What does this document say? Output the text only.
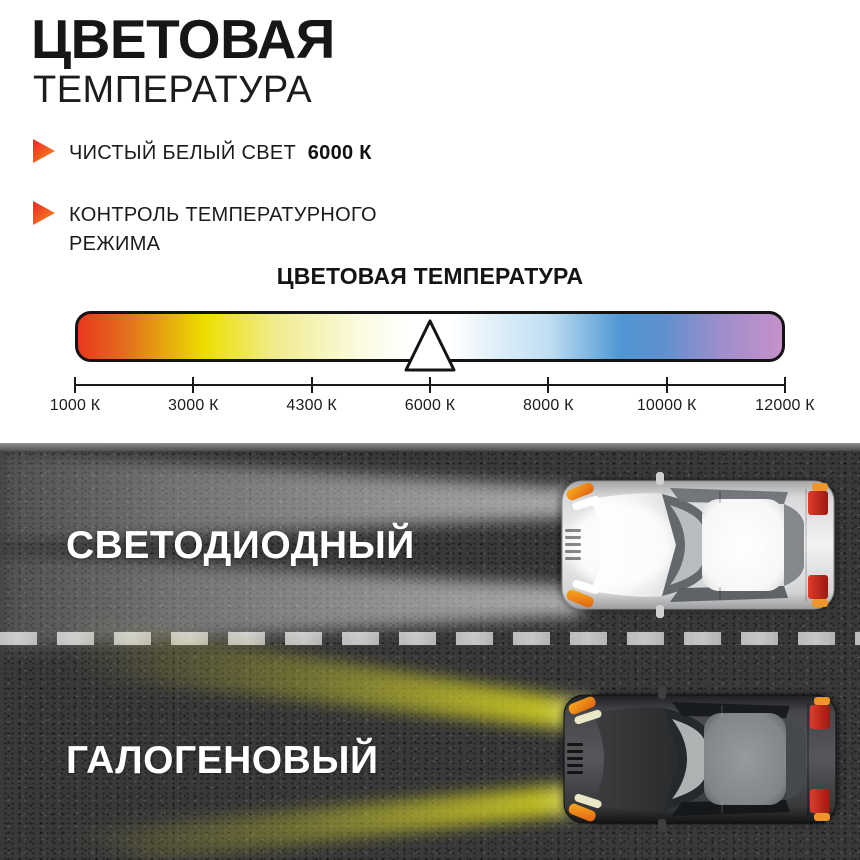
ЦВЕТОВАЯ
ТЕМПЕРАТУРА
ЧИСТЫЙ БЕЛЫЙ СВЕТ 6000 К
КОНТРОЛЬ ТЕМПЕРАТУРНОГО РЕЖИМА
ЦВЕТОВАЯ ТЕМПЕРАТУРА
1000 К	3000 К	4300 К	6000 К	8000 К	10000 К	12000 К
СВЕТОДИОДНЫЙ
ГАЛОГЕНОВЫЙ
